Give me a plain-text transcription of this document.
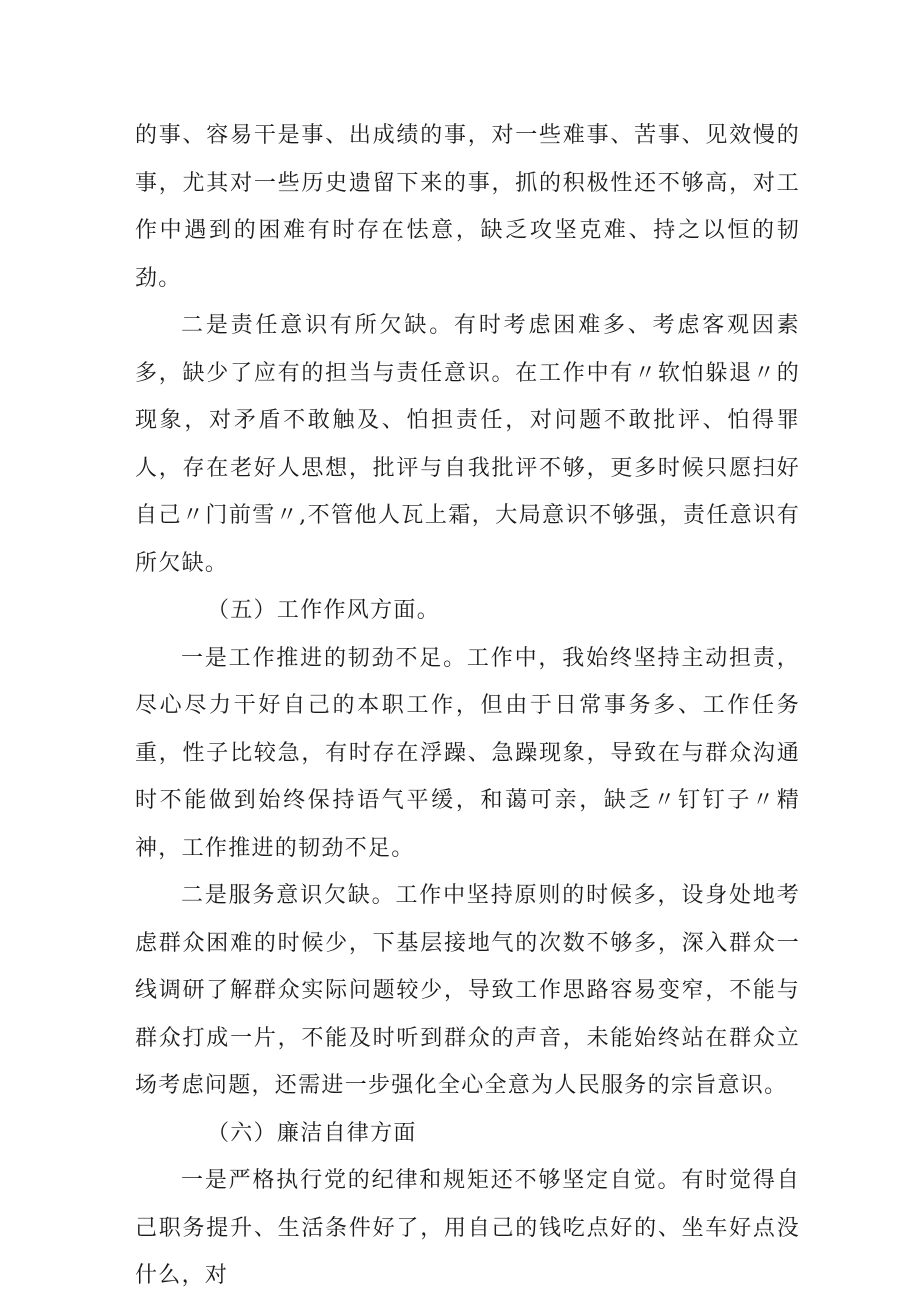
的事、容易干是事、出成绩的事，对一些难事、苦事、见效慢的事，尤其对一些历史遗留下来的事，抓的积极性还不够高，对工作中遇到的困难有时存在怯意，缺乏攻坚克难、持之以恒的韧劲。

二是责任意识有所欠缺。有时考虑困难多、考虑客观因素多，缺少了应有的担当与责任意识。在工作中有〃软怕躲退〃的现象，对矛盾不敢触及、怕担责任，对问题不敢批评、怕得罪人，存在老好人思想，批评与自我批评不够，更多时候只愿扫好自己〃门前雪〃,不管他人瓦上霜，大局意识不够强，责任意识有所欠缺。

（五）工作作风方面。

一是工作推进的韧劲不足。工作中，我始终坚持主动担责，尽心尽力干好自己的本职工作，但由于日常事务多、工作任务重，性子比较急，有时存在浮躁、急躁现象，导致在与群众沟通时不能做到始终保持语气平缓，和蔼可亲，缺乏〃钉钉子〃精神，工作推进的韧劲不足。

二是服务意识欠缺。工作中坚持原则的时候多，设身处地考虑群众困难的时候少，下基层接地气的次数不够多，深入群众一线调研了解群众实际问题较少，导致工作思路容易变窄，不能与群众打成一片，不能及时听到群众的声音，未能始终站在群众立场考虑问题，还需进一步强化全心全意为人民服务的宗旨意识。

（六）廉洁自律方面

一是严格执行党的纪律和规矩还不够坚定自觉。有时觉得自己职务提升、生活条件好了，用自己的钱吃点好的、坐车好点没什么，对
